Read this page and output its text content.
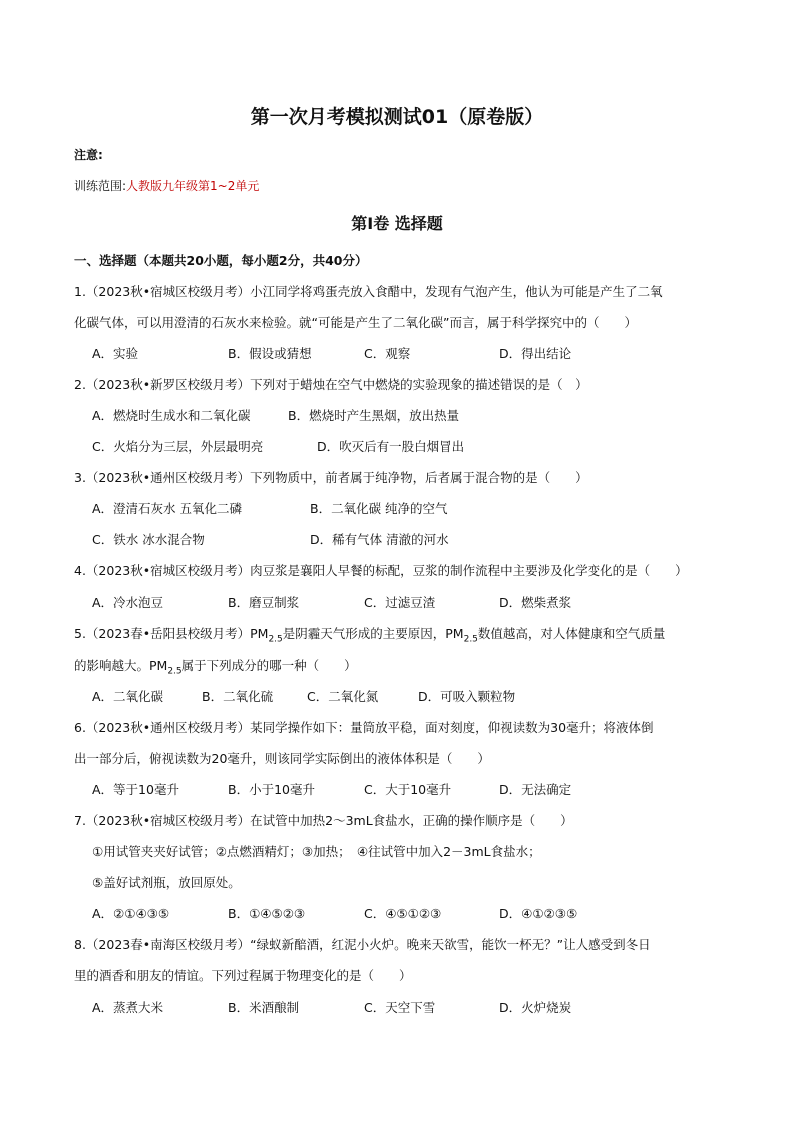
第一次月考模拟测试01（原卷版）
注意:
训练范围:人教版九年级第1~2单元
第Ⅰ卷 选择题
一、选择题（本题共20小题，每小题2分，共40分）
1.（2023秋•宿城区校级月考）小江同学将鸡蛋壳放入食醋中，发现有气泡产生，他认为可能是产生了二氧
化碳气体，可以用澄清的石灰水来检验。就“可能是产生了二氧化碳”而言，属于科学探究中的（　　）
A．实验	B．假设或猜想	C．观察	D．得出结论
2.（2023秋•新罗区校级月考）下列对于蜡烛在空气中燃烧的实验现象的描述错误的是（　）
A．燃烧时生成水和二氧化碳	B．燃烧时产生黑烟，放出热量
C．火焰分为三层，外层最明亮	D．吹灭后有一股白烟冒出
3.（2023秋•通州区校级月考）下列物质中，前者属于纯净物，后者属于混合物的是（　　）
A．澄清石灰水 五氧化二磷	B．二氧化碳 纯净的空气
C．铁水 冰水混合物	D．稀有气体 清澈的河水
4.（2023秋•宿城区校级月考）肉豆浆是襄阳人早餐的标配，豆浆的制作流程中主要涉及化学变化的是（　　）
A．冷水泡豆	B．磨豆制浆	C．过滤豆渣	D．燃柴煮浆
5.（2023春•岳阳县校级月考）$PM_{2.5}$是阴霾天气形成的主要原因，$PM_{2.5}$数值越高，对人体健康和空气质量
的影响越大。$PM_{2.5}$属于下列成分的哪一种（　　）
A．二氧化碳	B．二氧化硫	C．二氧化氮	D．可吸入颗粒物
6.（2023秋•通州区校级月考）某同学操作如下：量筒放平稳，面对刻度，仰视读数为30毫升；将液体倒
出一部分后，俯视读数为20毫升，则该同学实际倒出的液体体积是（　　）
A．等于10毫升	B．小于10毫升	C．大于10毫升	D．无法确定
7.（2023秋•宿城区校级月考）在试管中加热2～3mL食盐水，正确的操作顺序是（　　）
①用试管夹夹好试管；②点燃酒精灯；③加热；　④往试管中加入2－3mL食盐水；
⑤盖好试剂瓶，放回原处。
A．②①④③⑤	B．①④⑤②③	C．④⑤①②③	D．④①②③⑤
8.（2023春•南海区校级月考）“绿蚁新醅酒，红泥小火炉。晚来天欲雪，能饮一杯无？”让人感受到冬日
里的酒香和朋友的情谊。下列过程属于物理变化的是（　　）
A．蒸煮大米	B．米酒酿制	C．天空下雪	D．火炉烧炭
